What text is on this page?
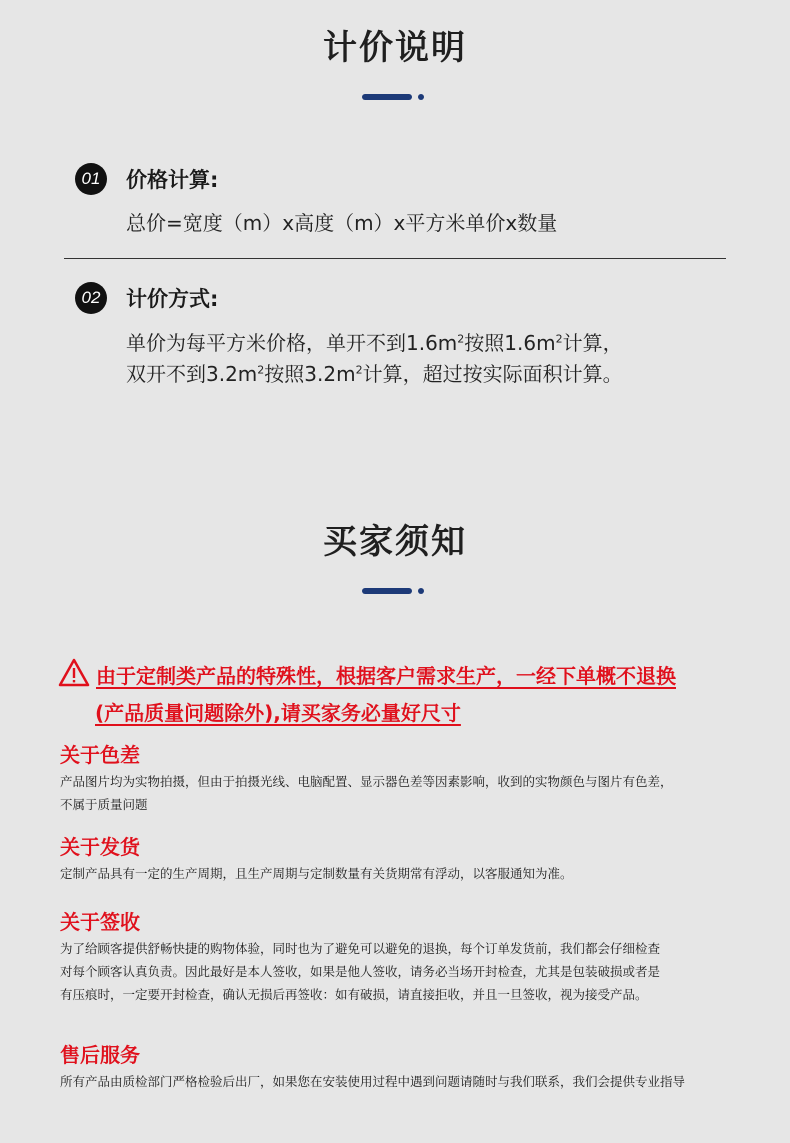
计价说明
01	价格计算:
总价=宽度（m）x高度（m）x平方米单价x数量
02	计价方式:
单价为每平方米价格，单开不到$1.6m^2$按照$1.6m^2$计算，
双开不到$3.2m^2$按照$3.2m^2$计算，超过按实际面积计算。
买家须知
由于定制类产品的特殊性，根据客户需求生产，一经下单概不退换
(产品质量问题除外),请买家务必量好尺寸
关于色差
产品图片均为实物拍摄，但由于拍摄光线、电脑配置、显示器色差等因素影响，收到的实物颜色与图片有色差，
不属于质量问题
关于发货
定制产品具有一定的生产周期，且生产周期与定制数量有关货期常有浮动，以客服通知为准。
关于签收
为了给顾客提供舒畅快捷的购物体验，同时也为了避免可以避免的退换，每个订单发货前，我们都会仔细检查
对每个顾客认真负责。因此最好是本人签收，如果是他人签收，请务必当场开封检查，尤其是包装破损或者是
有压痕时，一定要开封检查，确认无损后再签收：如有破损，请直接拒收，并且一旦签收，视为接受产品。
售后服务
所有产品由质检部门严格检验后出厂，如果您在安装使用过程中遇到问题请随时与我们联系，我们会提供专业指导
